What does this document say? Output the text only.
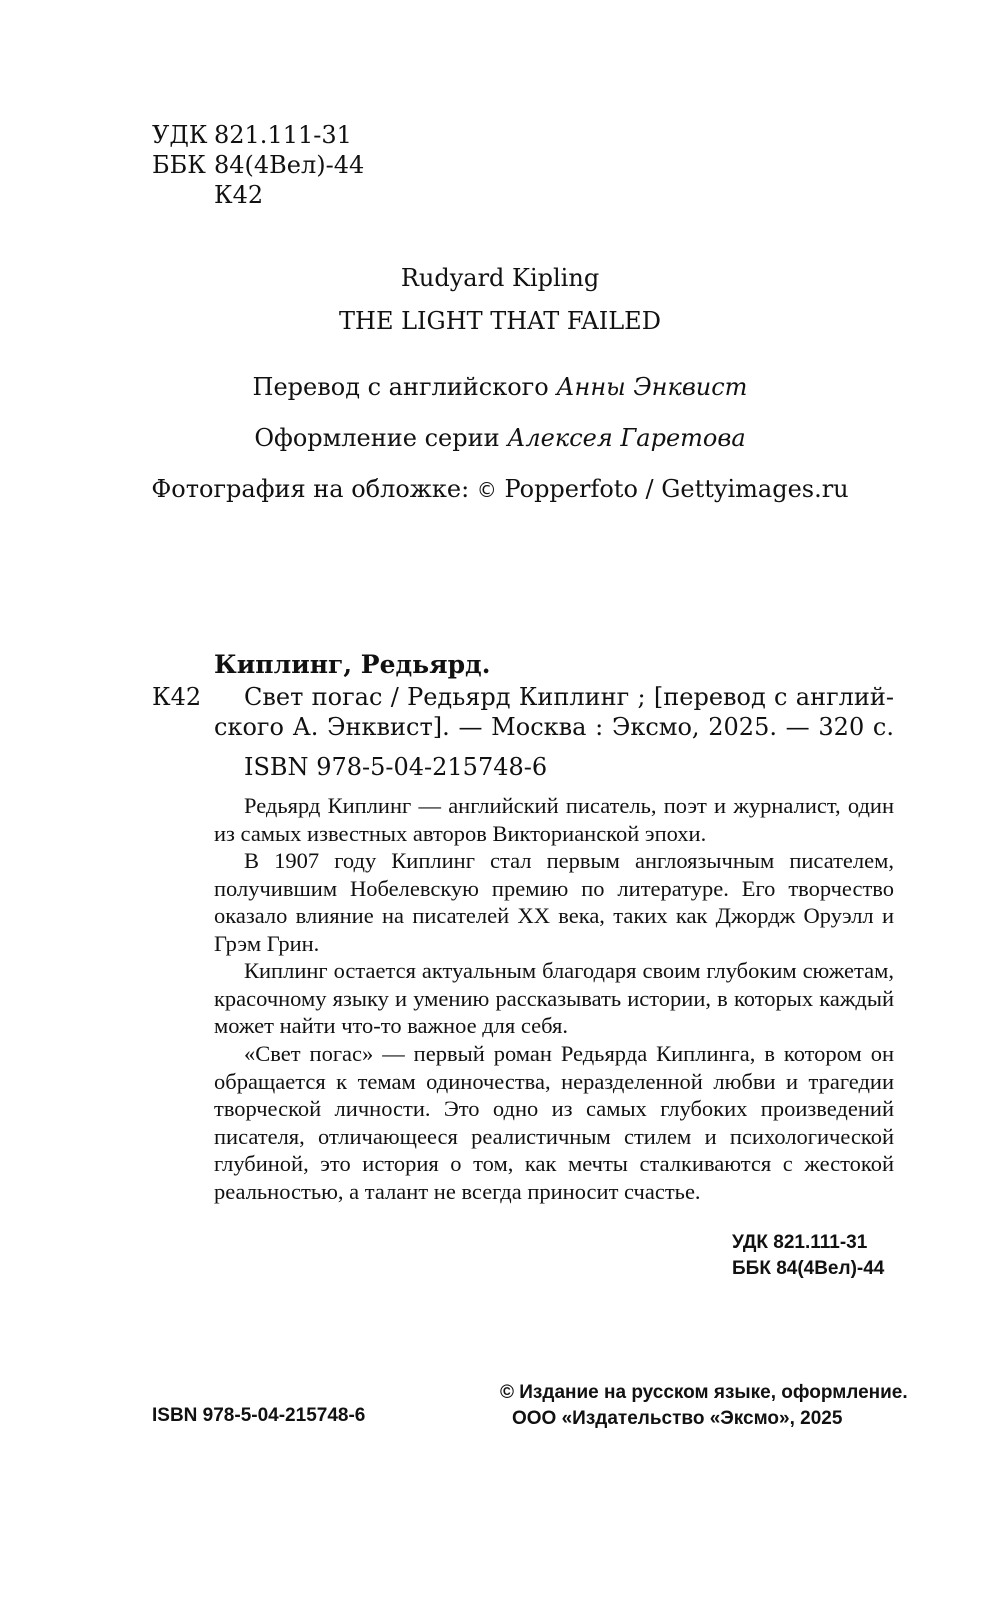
УДК 821.111-31
ББК 84(4Вел)-44
К42
Rudyard Kipling
THE LIGHT THAT FAILED
Перевод с английского Анны Энквист
Оформление серии Алексея Гаретова
Фотография на обложке: © Popperfoto / Gettyimages.ru
Киплинг, Редьярд.
К42 Свет погас / Редьярд Киплинг ; [перевод с англий-
ского А. Энквист]. — Москва : Эксмо, 2025. — 320 с.
ISBN 978-5-04-215748-6

Редьярд Киплинг — английский писатель, поэт и журналист, один из самых известных авторов Викторианской эпохи.

В 1907 году Киплинг стал первым англоязычным писателем, получившим Нобелевскую премию по литературе. Его творчество оказало влияние на писателей XX века, таких как Джордж Оруэлл и Грэм Грин.

Киплинг остается актуальным благодаря своим глубоким сюжетам, красочному языку и умению рассказывать истории, в которых каждый может найти что-то важное для себя.

«Свет погас» — первый роман Редьярда Киплинга, в котором он обращается к темам одиночества, неразделенной любви и трагедии творческой личности. Это одно из самых глубоких произведений писателя, отличающееся реалистичным стилем и психологической глубиной, это история о том, как мечты сталкиваются с жестокой реальностью, а талант не всегда приносит счастье.

УДК 821.111-31
ББК 84(4Вел)-44
ISBN 978-5-04-215748-6
© Издание на русском языке, оформление.
ООО «Издательство «Эксмо», 2025
